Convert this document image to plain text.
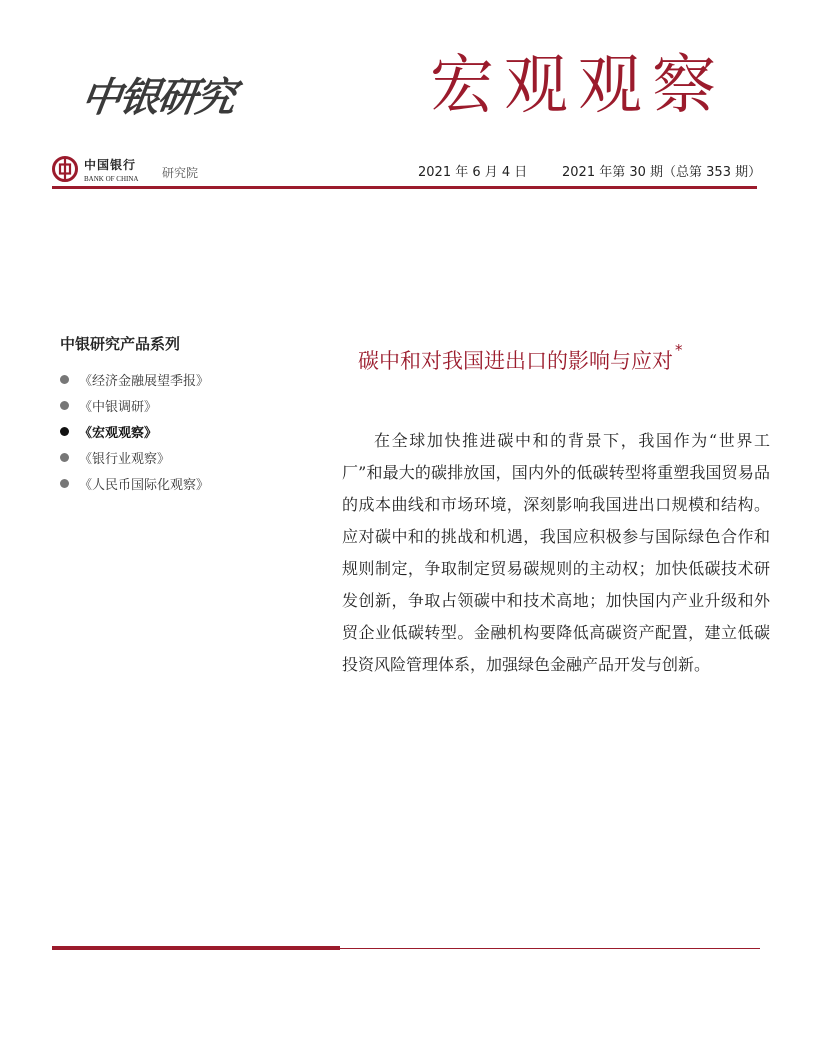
中银研究	宏观观察
中国银行
BANK OF CHINA 研究院	2021 年 6 月 4 日	2021 年第 30 期（总第 353 期）
中银研究产品系列
《经济金融展望季报》
《中银调研》
《宏观观察》
《银行业观察》
《人民币国际化观察》
碳中和对我国进出口的影响与应对 *

在全球加快推进碳中和的背景下，我国作为“世界工厂”和最大的碳排放国，国内外的低碳转型将重塑我国贸易品的成本曲线和市场环境，深刻影响我国进出口规模和结构。应对碳中和的挑战和机遇，我国应积极参与国际绿色合作和规则制定，争取制定贸易碳规则的主动权；加快低碳技术研发创新，争取占领碳中和技术高地；加快国内产业升级和外贸企业低碳转型。金融机构要降低高碳资产配置，建立低碳投资风险管理体系，加强绿色金融产品开发与创新。
